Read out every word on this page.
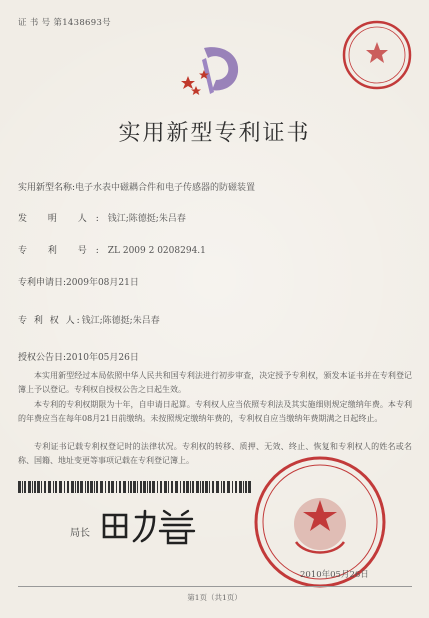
证 书 号 第1438693号
实用新型专利证书
实用新型名称:电子水表中磁耦合件和电子传感器的防磁装置
发 明 人:钱江;陈德挺;朱吕春
专 利 号:ZL 2009 2 0208294.1
专利申请日:2009年08月21日
专 利 权 人:钱江;陈德挺;朱吕春
授权公告日:2010年05月26日
本实用新型经过本局依照中华人民共和国专利法进行初步审查，决定授予专利权，颁发本证书并在专利登记簿上予以登记。专利权自授权公告之日起生效。
本专利的专利权期限为十年，自申请日起算。专利权人应当依照专利法及其实施细则规定缴纳年费。本专利的年费应当在每年08月21日前缴纳。未按照规定缴纳年费的，专利权自应当缴纳年费期满之日起终止。
专利证书记载专利权登记时的法律状况。专利权的转移、质押、无效、终止、恢复和专利权人的姓名或名称、国籍、地址变更等事项记载在专利登记簿上。
局长
2010年05月26日
第1页（共1页）
